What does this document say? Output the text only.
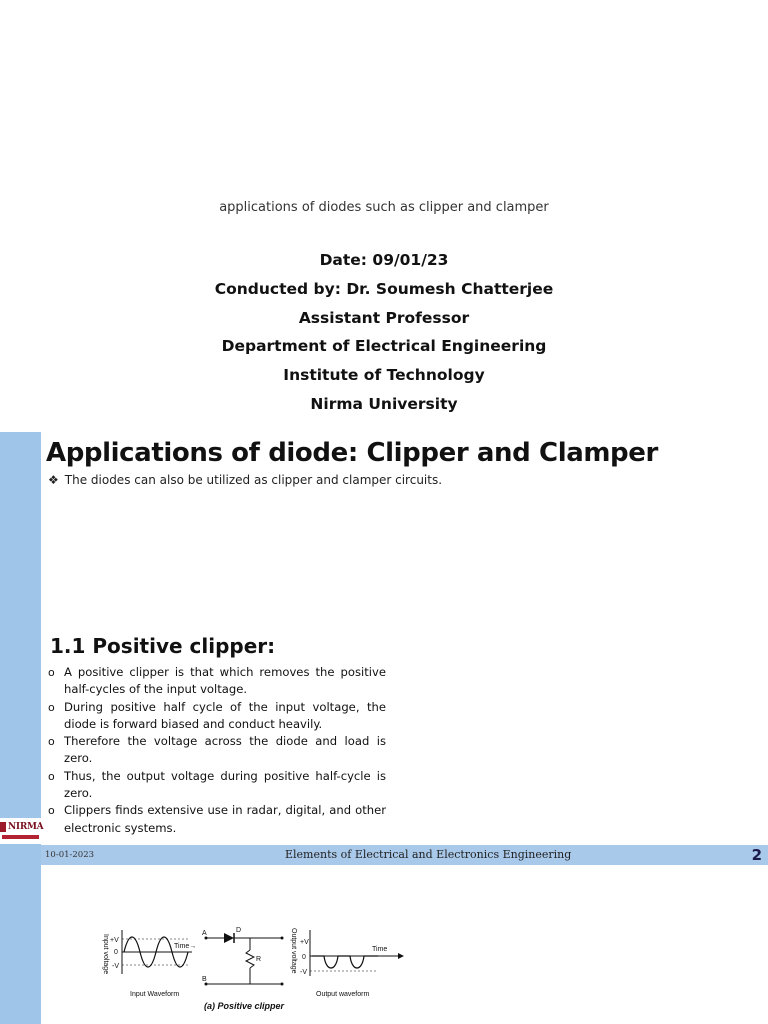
applications of diodes such as clipper and clamper
Date: 09/01/23
Conducted by: Dr. Soumesh Chatterjee
Assistant Professor
Department of Electrical Engineering
Institute of Technology
Nirma University
NIRMA
Applications of diode: Clipper and Clamper
❖ The diodes can also be utilized as clipper and clamper circuits.
1.1 Positive clipper:
o A positive clipper is that which removes the positive half-cycles of the input voltage.
o During positive half cycle of the input voltage, the diode is forward biased and conduct heavily.
o Therefore the voltage across the diode and load is zero.
o Thus, the output voltage during positive half-cycle is zero.
o Clippers finds extensive use in radar, digital, and other electronic systems.
10-01-2023	Elements of Electrical and Electronics Engineering	2
Input voltage +V
0
-V
Time→
Input Waveform
A	D
R
B
(a) Positive clipper
Output voltage +V
0
-V
Time
Output waveform
